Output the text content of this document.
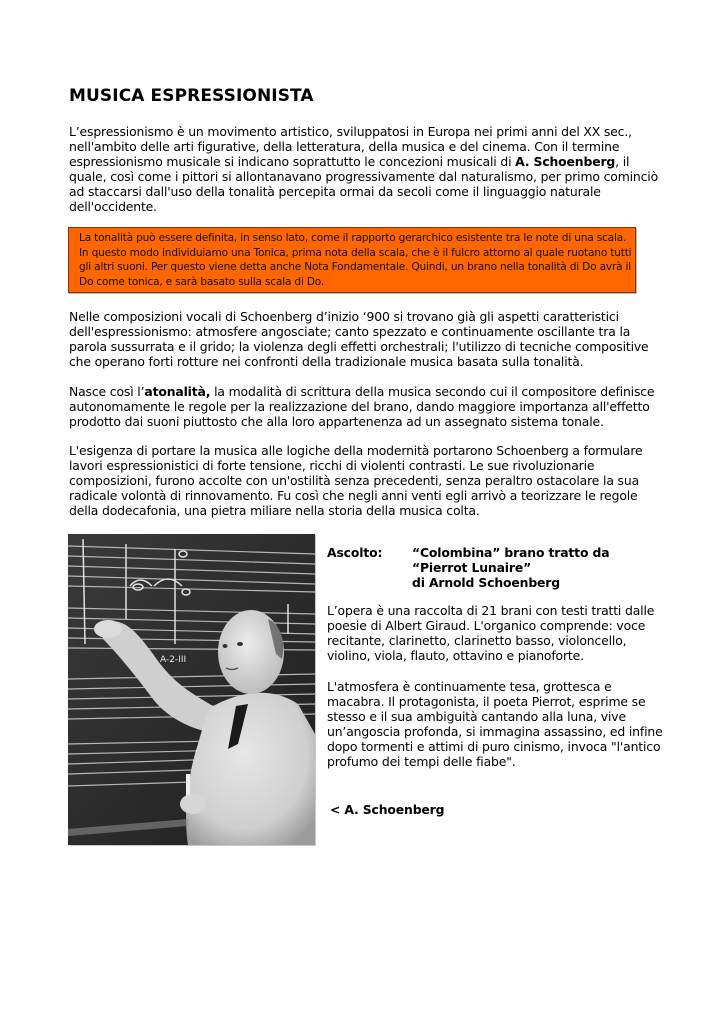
MUSICA ESPRESSIONISTA

L’espressionismo è un movimento artistico, sviluppatosi in Europa nei primi anni del XX sec., nell'ambito delle arti figurative, della letteratura, della musica e del cinema. Con il termine espressionismo musicale si indicano soprattutto le concezioni musicali di A. Schoenberg, il quale, così come i pittori si allontanavano progressivamente dal naturalismo, per primo cominciò ad staccarsi dall'uso della tonalità percepita ormai da secoli come il linguaggio naturale dell'occidente.

La tonalità può essere definita, in senso lato, come il rapporto gerarchico esistente tra le note di una scala. In questo modo individuiamo una Tonica, prima nota della scala, che è il fulcro attorno al quale ruotano tutti gli altri suoni. Per questo viene detta anche Nota Fondamentale. Quindi, un brano nella tonalità di Do avrà il Do come tonica, e sarà basato sulla scala di Do.

Nelle composizioni vocali di Schoenberg d’inizio ‘900 si trovano già gli aspetti caratteristici dell'espressionismo: atmosfere angosciate; canto spezzato e continuamente oscillante tra la parola sussurrata e il grido; la violenza degli effetti orchestrali; l'utilizzo di tecniche compositive che operano forti rotture nei confronti della tradizionale musica basata sulla tonalità.

Nasce così l’atonalità, la modalità di scrittura della musica secondo cui il compositore definisce autonomamente le regole per la realizzazione del brano, dando maggiore importanza all'effetto prodotto dai suoni piuttosto che alla loro appartenenza ad un assegnato sistema tonale.

L'esigenza di portare la musica alle logiche della modernità portarono Schoenberg a formulare lavori espressionistici di forte tensione, ricchi di violenti contrasti. Le sue rivoluzionarie composizioni, furono accolte con un'ostilità senza precedenti, senza peraltro ostacolare la sua radicale volontà di rinnovamento. Fu così che negli anni venti egli arrivò a teorizzare le regole della dodecafonia, una pietra miliare nella storia della musica colta.

A-2-III
Ascolto:	“Colombina” brano tratto da
“Pierrot Lunaire”
di Arnold Schoenberg

L’opera è una raccolta di 21 brani con testi tratti dalle poesie di Albert Giraud. L'organico comprende: voce recitante, clarinetto, clarinetto basso, violoncello, violino, viola, flauto, ottavino e pianoforte.

L'atmosfera è continuamente tesa, grottesca e macabra. Il protagonista, il poeta Pierrot, esprime se stesso e il sua ambiguità cantando alla luna, vive un’angoscia profonda, si immagina assassino, ed infine dopo tormenti e attimi di puro cinismo, invoca "l'antico profumo dei tempi delle fiabe".

< A. Schoenberg
